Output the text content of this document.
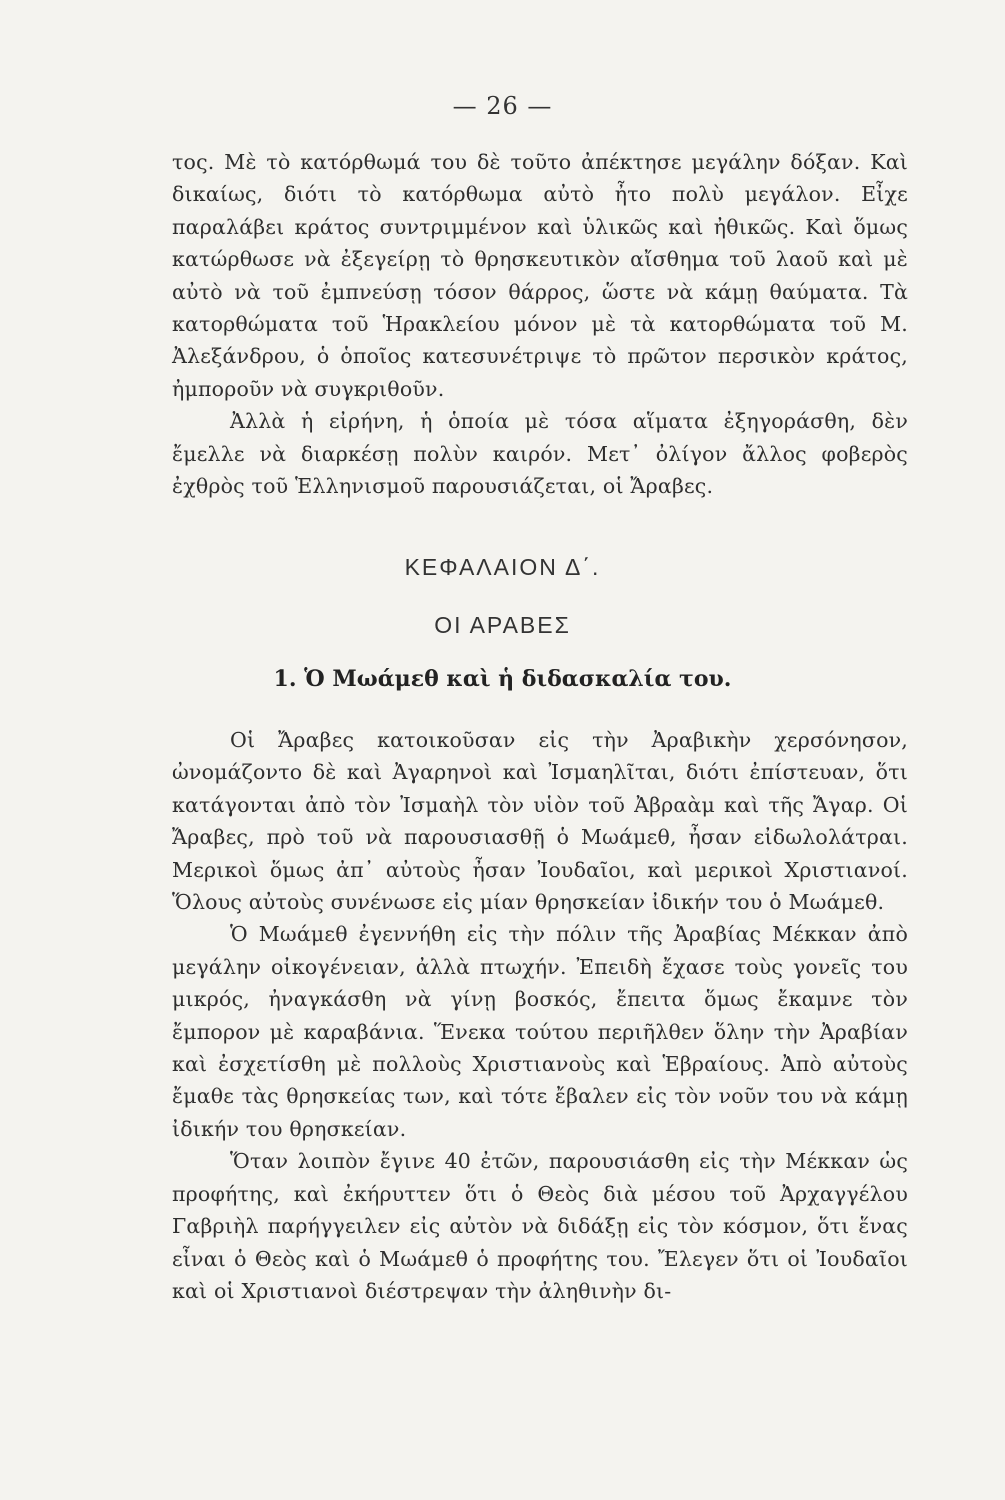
— 26 —

τος. Μὲ τὸ κατόρθωμά του δὲ τοῦτο ἀπέκτησε μεγάλην δόξαν. Καὶ δικαίως, διότι τὸ κατόρθωμα αὐτὸ ἦτο πολὺ μεγάλον. Εἶχε παραλάβει κράτος συντριμμένον καὶ ὑλικῶς καὶ ἠθικῶς. Καὶ ὅμως κατώρθωσε νὰ ἐξεγείρῃ τὸ θρησκευτικὸν αἴσθημα τοῦ λαοῦ καὶ μὲ αὐτὸ νὰ τοῦ ἐμπνεύσῃ τόσον θάρρος, ὥστε νὰ κάμῃ θαύματα. Τὰ κατορθώματα τοῦ Ἡρακλείου μόνον μὲ τὰ κατορθώματα τοῦ Μ. Ἀλεξάνδρου, ὁ ὁποῖος κατεσυνέτριψε τὸ πρῶτον περσικὸν κράτος, ἠμποροῦν νὰ συγκριθοῦν.

Ἀλλὰ ἡ εἰρήνη, ἡ ὁποία μὲ τόσα αἵματα ἐξηγοράσθη, δὲν ἔμελλε νὰ διαρκέσῃ πολὺν καιρόν. Μετ᾽ ὀλίγον ἄλλος φοβερὸς ἐχθρὸς τοῦ Ἑλληνισμοῦ παρουσιάζεται, οἱ Ἄραβες.

ΚΕΦΑΛΑΙΟΝ Δ΄.
ΟΙ ΑΡΑΒΕΣ
1. Ὁ Μωάμεθ καὶ ἡ διδασκαλία του.

Οἱ Ἄραβες κατοικοῦσαν εἰς τὴν Ἀραβικὴν χερσόνησον, ὠνομάζοντο δὲ καὶ Ἀγαρηνοὶ καὶ Ἰσμαηλῖται, διότι ἐπίστευαν, ὅτι κατάγονται ἀπὸ τὸν Ἰσμαὴλ τὸν υἱὸν τοῦ Ἀβραὰμ καὶ τῆς Ἄγαρ. Οἱ Ἄραβες, πρὸ τοῦ νὰ παρουσιασθῇ ὁ Μωάμεθ, ἦσαν εἰδωλολάτραι. Μερικοὶ ὅμως ἀπ᾽ αὐτοὺς ἦσαν Ἰουδαῖοι, καὶ μερικοὶ Χριστιανοί. Ὅλους αὐτοὺς συνένωσε εἰς μίαν θρησκείαν ἰδικήν του ὁ Μωάμεθ.

Ὁ Μωάμεθ ἐγεννήθη εἰς τὴν πόλιν τῆς Ἀραβίας Μέκκαν ἀπὸ μεγάλην οἰκογένειαν, ἀλλὰ πτωχήν. Ἐπειδὴ ἔχασε τοὺς γονεῖς του μικρός, ἠναγκάσθη νὰ γίνῃ βοσκός, ἔπειτα ὅμως ἔκαμνε τὸν ἔμπορον μὲ καραβάνια. Ἕνεκα τούτου περιῆλθεν ὅλην τὴν Ἀραβίαν καὶ ἐσχετίσθη μὲ πολλοὺς Χριστιανοὺς καὶ Ἑβραίους. Ἀπὸ αὐτοὺς ἔμαθε τὰς θρησκείας των, καὶ τότε ἔβαλεν εἰς τὸν νοῦν του νὰ κάμῃ ἰδικήν του θρησκείαν.

Ὅταν λοιπὸν ἔγινε 40 ἐτῶν, παρουσιάσθη εἰς τὴν Μέκκαν ὡς προφήτης, καὶ ἐκήρυττεν ὅτι ὁ Θεὸς διὰ μέσου τοῦ Ἀρχαγγέλου Γαβριὴλ παρήγγειλεν εἰς αὐτὸν νὰ διδάξῃ εἰς τὸν κόσμον, ὅτι ἕνας εἶναι ὁ Θεὸς καὶ ὁ Μωάμεθ ὁ προφήτης του. Ἔλεγεν ὅτι οἱ Ἰουδαῖοι καὶ οἱ Χριστιανοὶ διέστρεψαν τὴν ἀληθινὴν δι-
